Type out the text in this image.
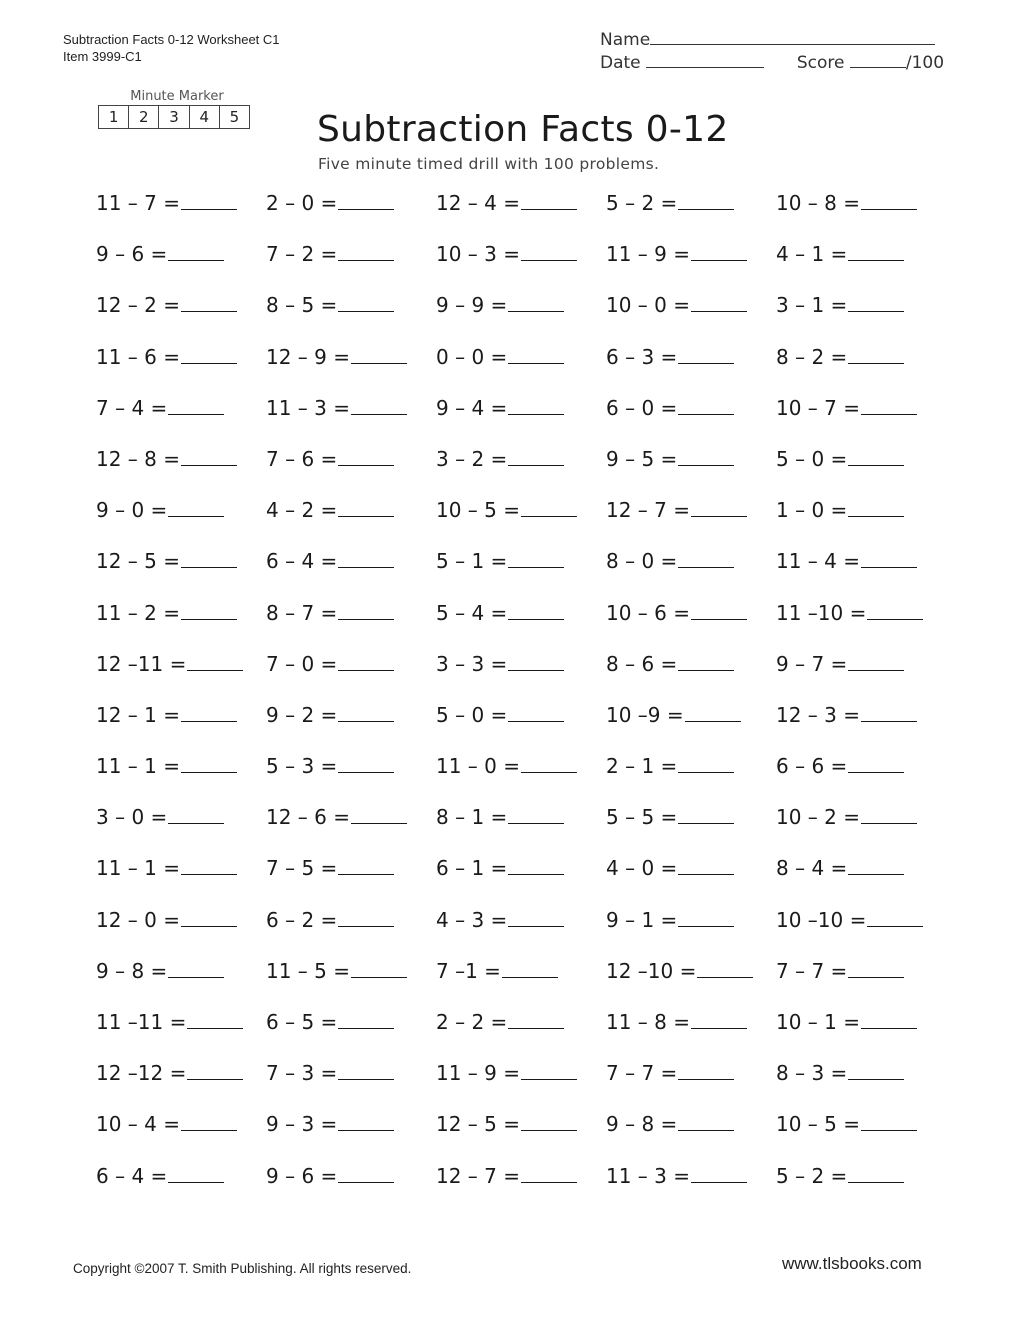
Subtraction Facts 0-12 Worksheet C1
Item 3999-C1
Name
Date	Score	/100
Minute Marker
1	2	3	4	5 Subtraction Facts 0-12
Five minute timed drill with 100 problems.
11 – 7 =	2 – 0 =	12 – 4 =	5 – 2 =	10 – 8 =
9 – 6 =	7 – 2 =	10 – 3 =	11 – 9 =	4 – 1 =
12 – 2 =	8 – 5 =	9 – 9 =	10 – 0 =	3 – 1 =
11 – 6 =	12 – 9 =	0 – 0 =	6 – 3 =	8 – 2 =
7 – 4 =	11 – 3 =	9 – 4 =	6 – 0 =	10 – 7 =
12 – 8 =	7 – 6 =	3 – 2 =	9 – 5 =	5 – 0 =
9 – 0 =	4 – 2 =	10 – 5 =	12 – 7 =	1 – 0 =
12 – 5 =	6 – 4 =	5 – 1 =	8 – 0 =	11 – 4 =
11 – 2 =	8 – 7 =	5 – 4 =	10 – 6 =	11 –10 =
12 –11 =	7 – 0 =	3 – 3 =	8 – 6 =	9 – 7 =
12 – 1 =	9 – 2 =	5 – 0 =	10 –9 =	12 – 3 =
11 – 1 =	5 – 3 =	11 – 0 =	2 – 1 =	6 – 6 =
3 – 0 =	12 – 6 =	8 – 1 =	5 – 5 =	10 – 2 =
11 – 1 =	7 – 5 =	6 – 1 =	4 – 0 =	8 – 4 =
12 – 0 =	6 – 2 =	4 – 3 =	9 – 1 =	10 –10 =
9 – 8 =	11 – 5 =	7 –1 =	12 –10 =	7 – 7 =
11 –11 =	6 – 5 =	2 – 2 =	11 – 8 =	10 – 1 =
12 –12 =	7 – 3 =	11 – 9 =	7 – 7 =	8 – 3 =
10 – 4 =	9 – 3 =	12 – 5 =	9 – 8 =	10 – 5 =
6 – 4 =	9 – 6 =	12 – 7 =	11 – 3 =	5 – 2 =
Copyright ©2007 T. Smith Publishing. All rights reserved.	www.tlsbooks.com
